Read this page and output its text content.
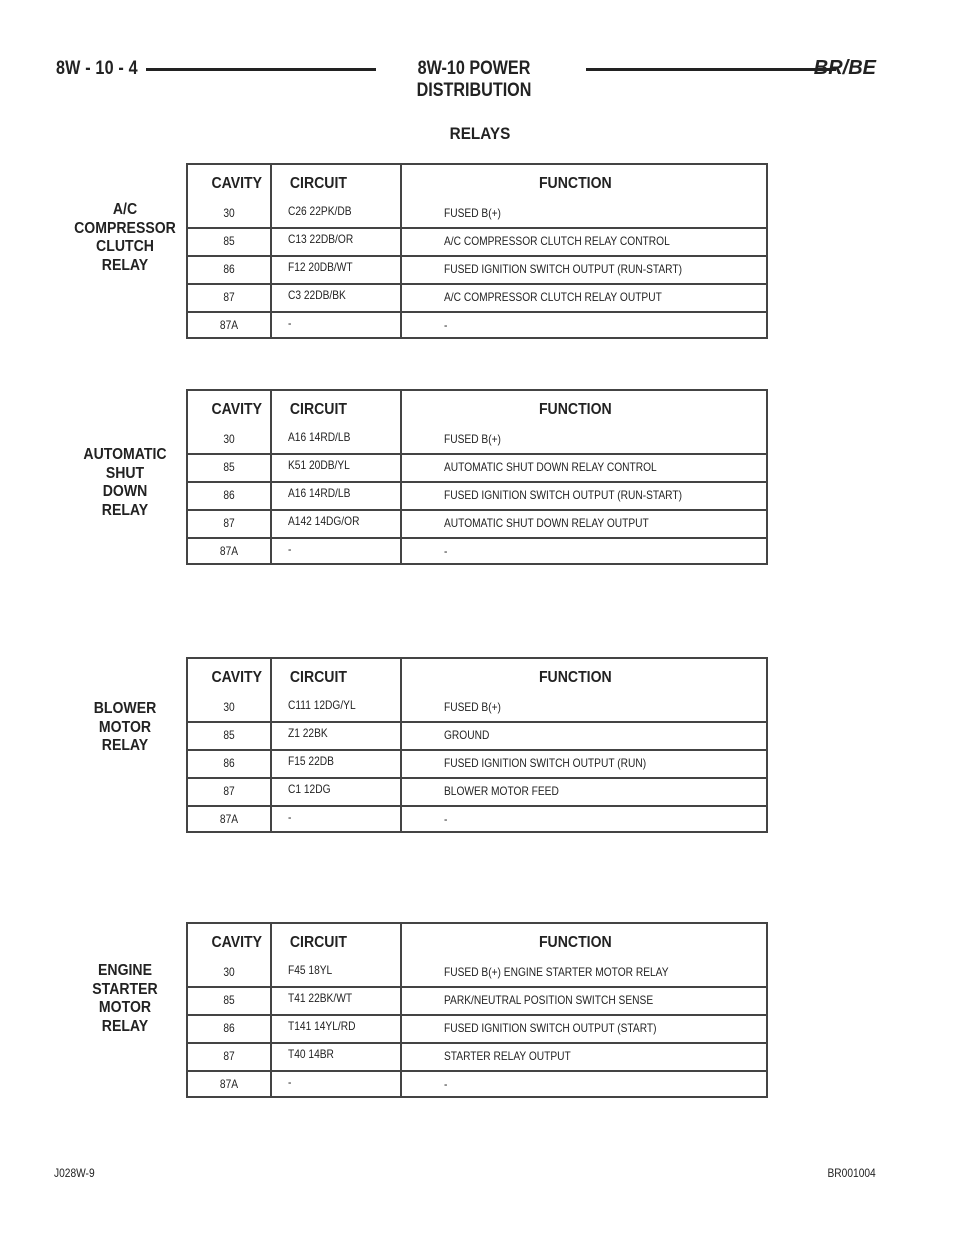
8W - 10 - 4	8W-10 POWER DISTRIBUTION
BR/BE
RELAYS
A/C
COMPRESSOR
CLUTCH
RELAY
CAVITY CIRCUIT	FUNCTION
30	C26 22PK/DB	FUSED B(+)
85	C13 22DB/OR	A/C COMPRESSOR CLUTCH RELAY CONTROL
86	F12 20DB/WT	FUSED IGNITION SWITCH OUTPUT (RUN-START)
87	C3 22DB/BK	A/C COMPRESSOR CLUTCH RELAY OUTPUT
87A	-	-
AUTOMATIC
SHUT
DOWN
RELAY
CAVITY CIRCUIT	FUNCTION
30	A16 14RD/LB	FUSED B(+)
85	K51 20DB/YL	AUTOMATIC SHUT DOWN RELAY CONTROL
86	A16 14RD/LB	FUSED IGNITION SWITCH OUTPUT (RUN-START)
87	A142 14DG/OR	AUTOMATIC SHUT DOWN RELAY OUTPUT
87A	-	-
BLOWER
MOTOR
RELAY
CAVITY CIRCUIT	FUNCTION
30	C111 12DG/YL	FUSED B(+)
85	Z1 22BK	GROUND
86	F15 22DB	FUSED IGNITION SWITCH OUTPUT (RUN)
87	C1 12DG	BLOWER MOTOR FEED
87A	-	-
ENGINE
STARTER
MOTOR
RELAY
CAVITY CIRCUIT	FUNCTION
30	F45 18YL	FUSED B(+) ENGINE STARTER MOTOR RELAY
85	T41 22BK/WT	PARK/NEUTRAL POSITION SWITCH SENSE
86	T141 14YL/RD	FUSED IGNITION SWITCH OUTPUT (START)
87	T40 14BR	STARTER RELAY OUTPUT
87A	-	-
J028W-9	BR001004
